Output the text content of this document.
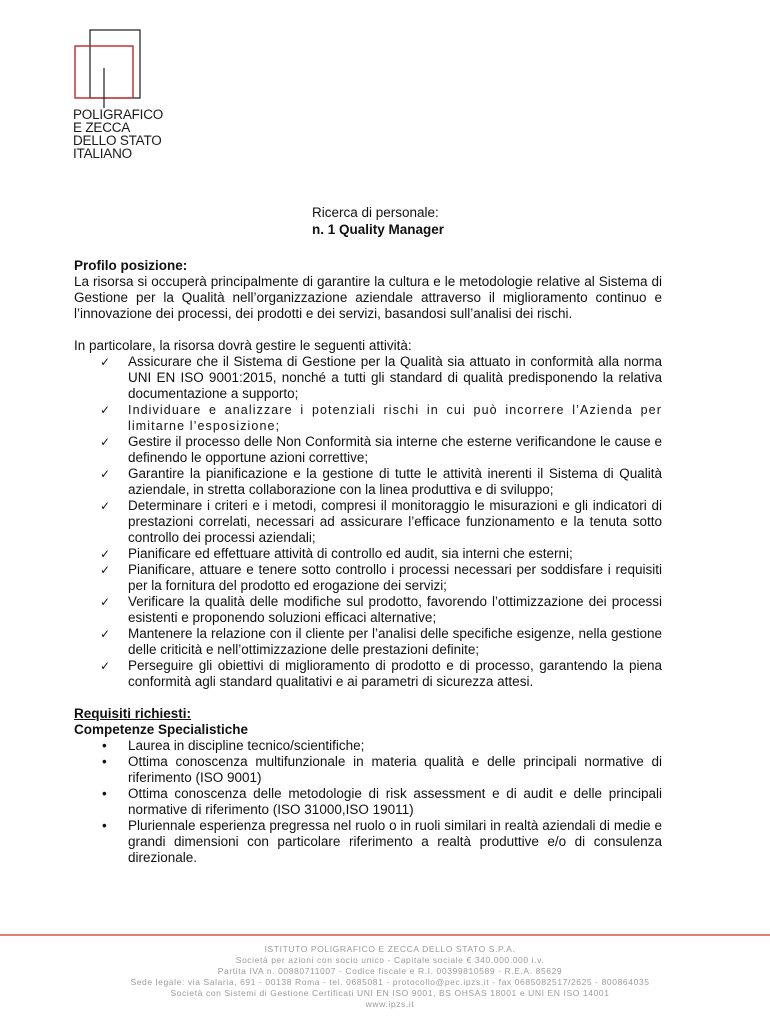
POLIGRAFICO
E ZECCA
DELLO STATO
ITALIANO
Ricerca di personale:
n. 1 Quality Manager
Profilo posizione:
La risorsa si occuperà principalmente di garantire la cultura e le metodologie relative al Sistema di Gestione per la Qualità nell’organizzazione aziendale attraverso il miglioramento continuo e l’innovazione dei processi, dei prodotti e dei servizi, basandosi sull’analisi dei rischi.
In particolare, la risorsa dovrà gestire le seguenti attività:
✓ Assicurare che il Sistema di Gestione per la Qualità sia attuato in conformità alla norma UNI EN ISO 9001:2015, nonché a tutti gli standard di qualità predisponendo la relativa documentazione a supporto;
✓ Individuare e analizzare i potenziali rischi in cui può incorrere l’Azienda per limitarne l’esposizione;
✓ Gestire il processo delle Non Conformità sia interne che esterne verificandone le cause e definendo le opportune azioni correttive;
✓ Garantire la pianificazione e la gestione di tutte le attività inerenti il Sistema di Qualità aziendale, in stretta collaborazione con la linea produttiva e di sviluppo;
✓ Determinare i criteri e i metodi, compresi il monitoraggio le misurazioni e gli indicatori di prestazioni correlati, necessari ad assicurare l’efficace funzionamento e la tenuta sotto controllo dei processi aziendali;
✓ Pianificare ed effettuare attività di controllo ed audit, sia interni che esterni;
✓ Pianificare, attuare e tenere sotto controllo i processi necessari per soddisfare i requisiti per la fornitura del prodotto ed erogazione dei servizi;
✓ Verificare la qualità delle modifiche sul prodotto, favorendo l’ottimizzazione dei processi esistenti e proponendo soluzioni efficaci alternative;
✓ Mantenere la relazione con il cliente per l’analisi delle specifiche esigenze, nella gestione delle criticità e nell’ottimizzazione delle prestazioni definite;
✓ Perseguire gli obiettivi di miglioramento di prodotto e di processo, garantendo la piena conformità agli standard qualitativi e ai parametri di sicurezza attesi.
Requisiti richiesti:
Competenze Specialistiche
• Laurea in discipline tecnico/scientifiche;
• Ottima conoscenza multifunzionale in materia qualità e delle principali normative di riferimento (ISO 9001)
• Ottima conoscenza delle metodologie di risk assessment e di audit e delle principali normative di riferimento (ISO 31000,ISO 19011)
• Pluriennale esperienza pregressa nel ruolo o in ruoli similari in realtà aziendali di medie e grandi dimensioni con particolare riferimento a realtà produttive e/o di consulenza direzionale.
ISTITUTO POLIGRAFICO E ZECCA DELLO STATO S.P.A.
Società per azioni con socio unico - Capitale sociale € 340.000.000 i.v.
Partita IVA n. 00880711007 - Codice fiscale e R.I. 00399810589 - R.E.A. 85629
Sede legale: via Salaria, 691 - 00138 Roma - tel. 0685081 - protocollo@pec.ipzs.it - fax 0685082517/2625 - 800864035
Società con Sistemi di Gestione Certificati UNI EN ISO 9001, BS OHSAS 18001 e UNI EN ISO 14001
www.ipzs.it
